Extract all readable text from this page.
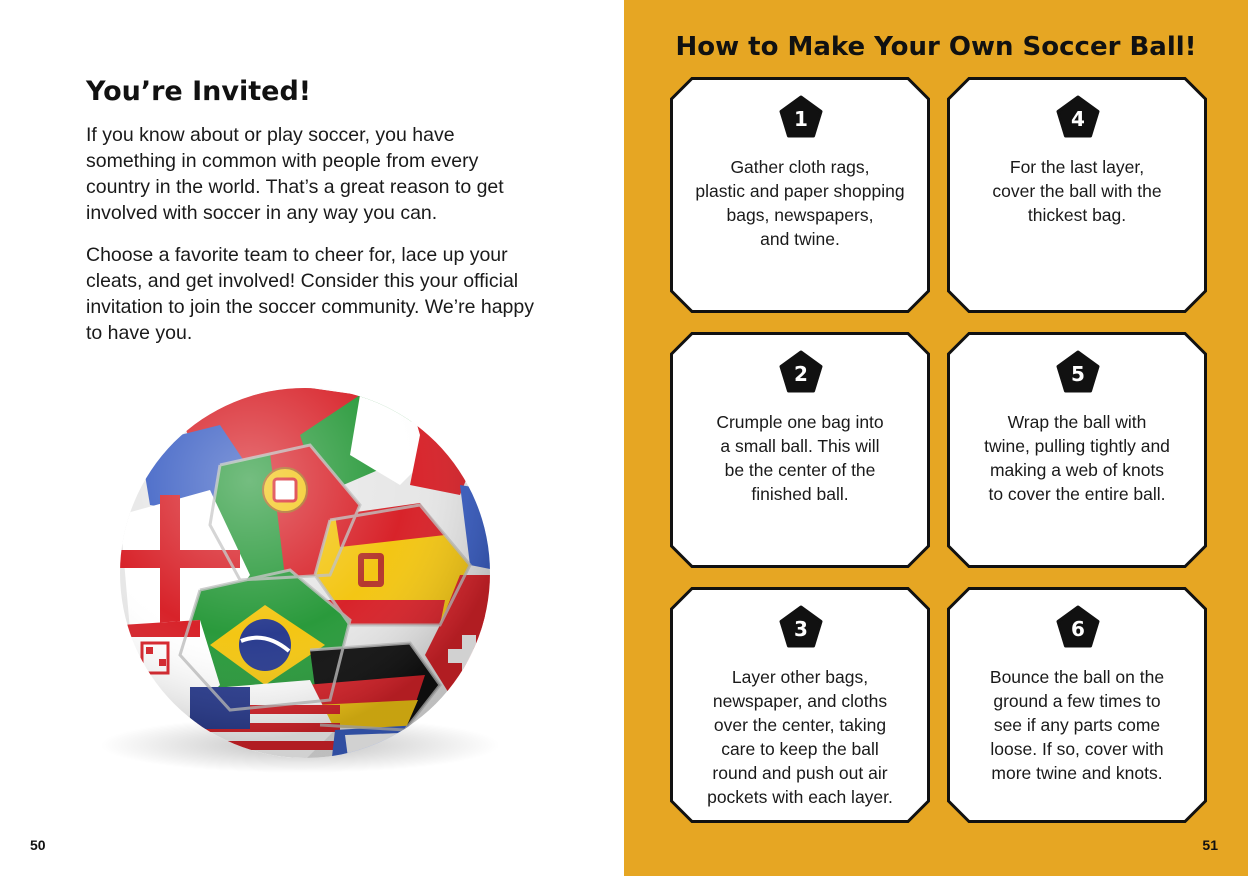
You’re Invited!

If you know about or play soccer, you have something in common with people from every country in the world. That’s a great reason to get involved with soccer in any way you can.

Choose a favorite team to cheer for, lace up your cleats, and get involved! Consider this your official invitation to join the soccer community. We’re happy to have you.

50
How to Make Your Own Soccer Ball!
1

Gather cloth rags,
plastic and paper shopping
bags, newspapers,
and twine.

2

Crumple one bag into
a small ball. This will
be the center of the
finished ball.

3

Layer other bags,
newspaper, and cloths
over the center, taking
care to keep the ball
round and push out air
pockets with each layer.

4

For the last layer,
cover the ball with the
thickest bag.

5

Wrap the ball with
twine, pulling tightly and
making a web of knots
to cover the entire ball.

6

Bounce the ball on the
ground a few times to
see if any parts come
loose. If so, cover with
more twine and knots.

51
